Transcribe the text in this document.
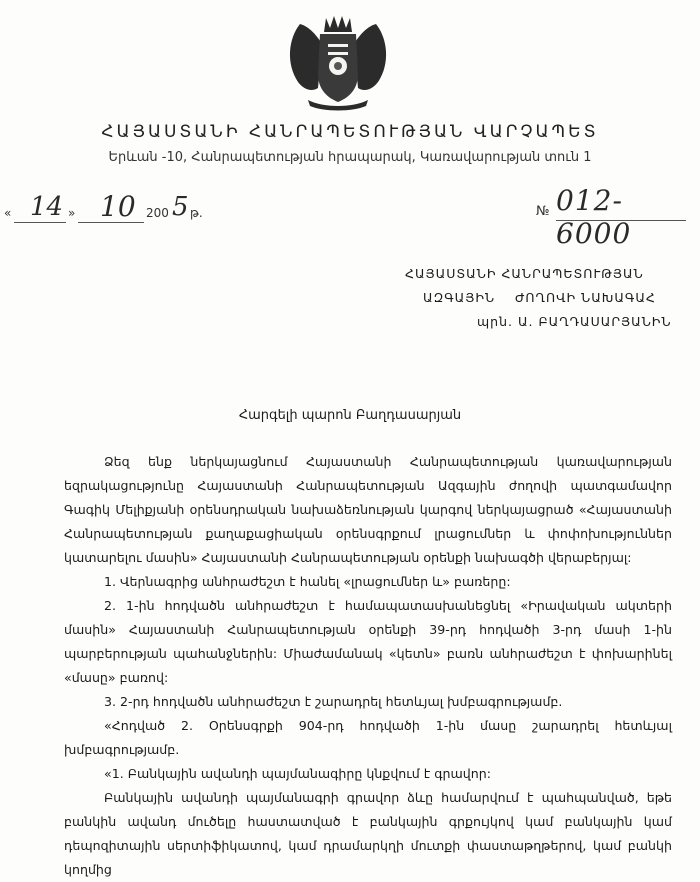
ՀԱՅԱՍՏԱՆԻ ՀԱՆՐԱՊԵՏՈՒԹՅԱՆ ՎԱՐՉԱՊԵՏ
Երևան -10, Հանրապետության հրապարակ, Կառավարության տուն 1
« 14 » 10 200 5 թ.	№ 012-6000
ՀԱՅԱՍՏԱՆԻ ՀԱՆՐԱՊԵՏՈՒԹՅԱՆ
ԱԶԳԱՅԻՆ    ԺՈՂՈՎԻ ՆԱԽԱԳԱՀ
պրն. Ա. ԲԱՂԴԱՍԱՐՅԱՆԻՆ
Հարգելի պարոն Բաղդասարյան

Ձեզ ենք ներկայացնում Հայաստանի Հանրապետության կառավարության եզրակացությունը Հայաստանի Հանրապետության Ազգային ժողովի պատգամավոր Գագիկ Մելիքյանի օրենսդրական նախաձեռնության կարգով ներկայացրած «Հայաստանի Հանրապետության քաղաքացիական օրենսգրքում լրացումներ և փոփոխություններ կատարելու մասին» Հայաստանի Հանրապետության օրենքի նախագծի վերաբերյալ:

1. Վերնագրից անհրաժեշտ է հանել «լրացումներ և» բառերը:

2. 1-ին հոդվածն անհրաժեշտ է համապատասխանեցնել «Իրավական ակտերի մասին» Հայաստանի Հանրապետության օրենքի 39-րդ հոդվածի 3-րդ մասի 1-ին պարբերության պահանջներին: Միաժամանակ «կետն» բառն անհրաժեշտ է փոխարինել «մասը» բառով:

3. 2-րդ հոդվածն անհրաժեշտ է շարադրել հետևյալ խմբագրությամբ.

«Հոդված 2. Օրենսգրքի 904-րդ հոդվածի 1-ին մասը շարադրել հետևյալ խմբագրությամբ.

«1. Բանկային ավանդի պայմանագիրը կնքվում է գրավոր:

Բանկային ավանդի պայմանագրի գրավոր ձևը համարվում է պահպանված, եթե բանկին ավանդ մուծելը հաստատված է բանկային գրքույկով կամ բանկային կամ դեպոզիտային սերտիֆիկատով, կամ դրամարկղի մուտքի փաստաթղթերով, կամ բանկի կողմից
